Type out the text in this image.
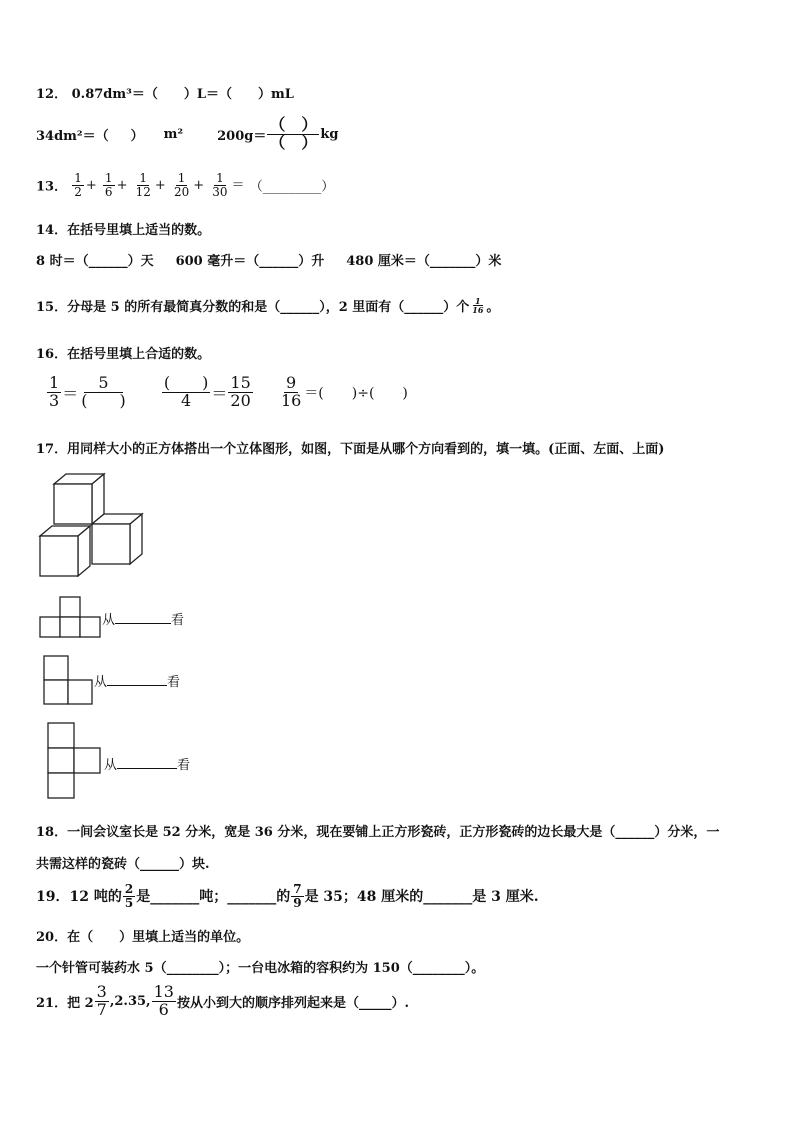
12． 0.87dm³＝（ ）L＝（ ）mL
34dm²＝（ ） m²	$200g= \frac{( )}{( )}$ kg
13． $\frac{1}{2} + \frac{1}{6} + \frac{1}{12} + \frac{1}{20} + \frac{1}{30}$ ＝ （_________）
14．在括号里填上适当的数。
8 时＝（______）天 600 毫升＝（______）升 480 厘米＝（_______）米
15．分母是 5 的所有最简真分数的和是（______），2 里面有（______）个 $\frac{1}{16}$ 。
16．在括号里填上合适的数。
$\frac{1}{3} = \frac{5}{( )}$
$\frac{( )}{4} = \frac{15}{20}$
$\frac{9}{16}$ ＝(　　)÷(　　)
17．用同样大小的正方体搭出一个立体图形，如图，下面是从哪个方向看到的，填一填。(正面、左面、上面)
从	看
从	看
从	看
18．一间会议室长是 52 分米，宽是 36 分米，现在要铺上正方形瓷砖，正方形瓷砖的边长最大是（______）分米，一
共需这样的瓷砖（______）块.
19．12 吨的 $\frac{2}{5}$ 是_______吨；_______的 $\frac{7}{9}$ 是 35；48 厘米的_______是 3 厘米.
20．在（　　）里填上适当的单位。
一个针管可装药水 5（________）；一台电冰箱的容积约为 150（________）。
21．把 $2 \frac{3}{7} ,2.35$, $\frac{13}{6}$ 按从小到大的顺序排列起来是（_____）.
